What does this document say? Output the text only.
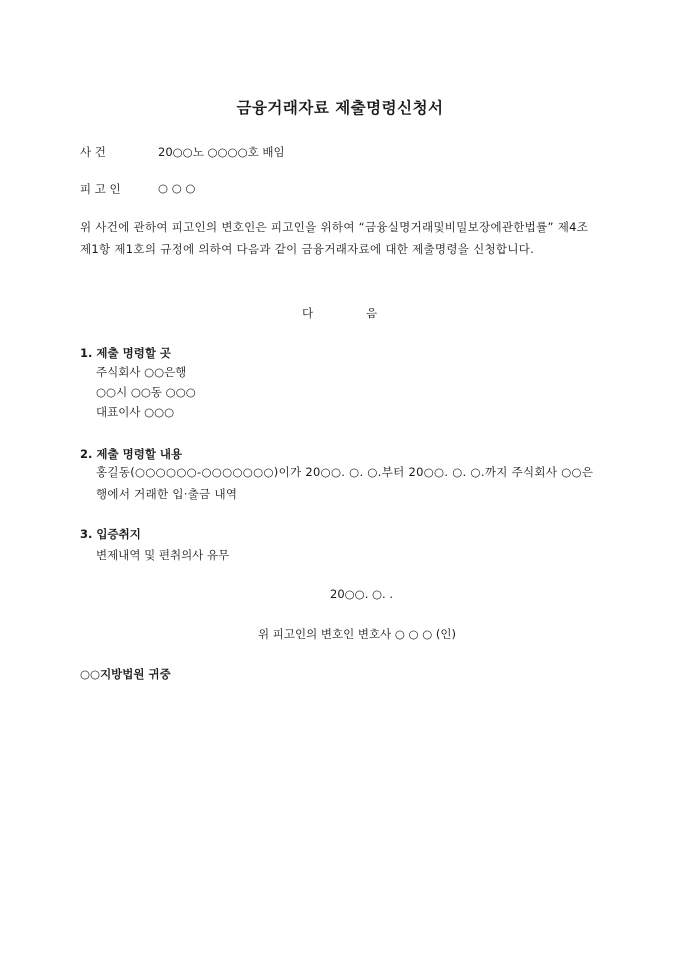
금융거래자료 제출명령신청서
사 건	20○○노 ○○○○호 배임
피 고 인	○ ○ ○
위 사건에 관하여 피고인의 변호인은 피고인을 위하여 “금융실명거래및비밀보장에관한법률” 제4조 제1항 제1호의 규정에 의하여 다음과 같이 금융거래자료에 대한 제출명령을 신청합니다.
다	음
1. 제출 명령할 곳
주식회사 ○○은행
○○시 ○○동 ○○○
대표이사 ○○○
2. 제출 명령할 내용
홍길동(○○○○○○-○○○○○○○)이가 20○○. ○. ○.부터 20○○. ○. ○.까지 주식회사 ○○은행에서 거래한 입·출금 내역
3. 입증취지
변제내역 및 편취의사 유무
20○○. ○. .
위 피고인의 변호인 변호사 ○ ○ ○ (인)
○○지방법원 귀중
